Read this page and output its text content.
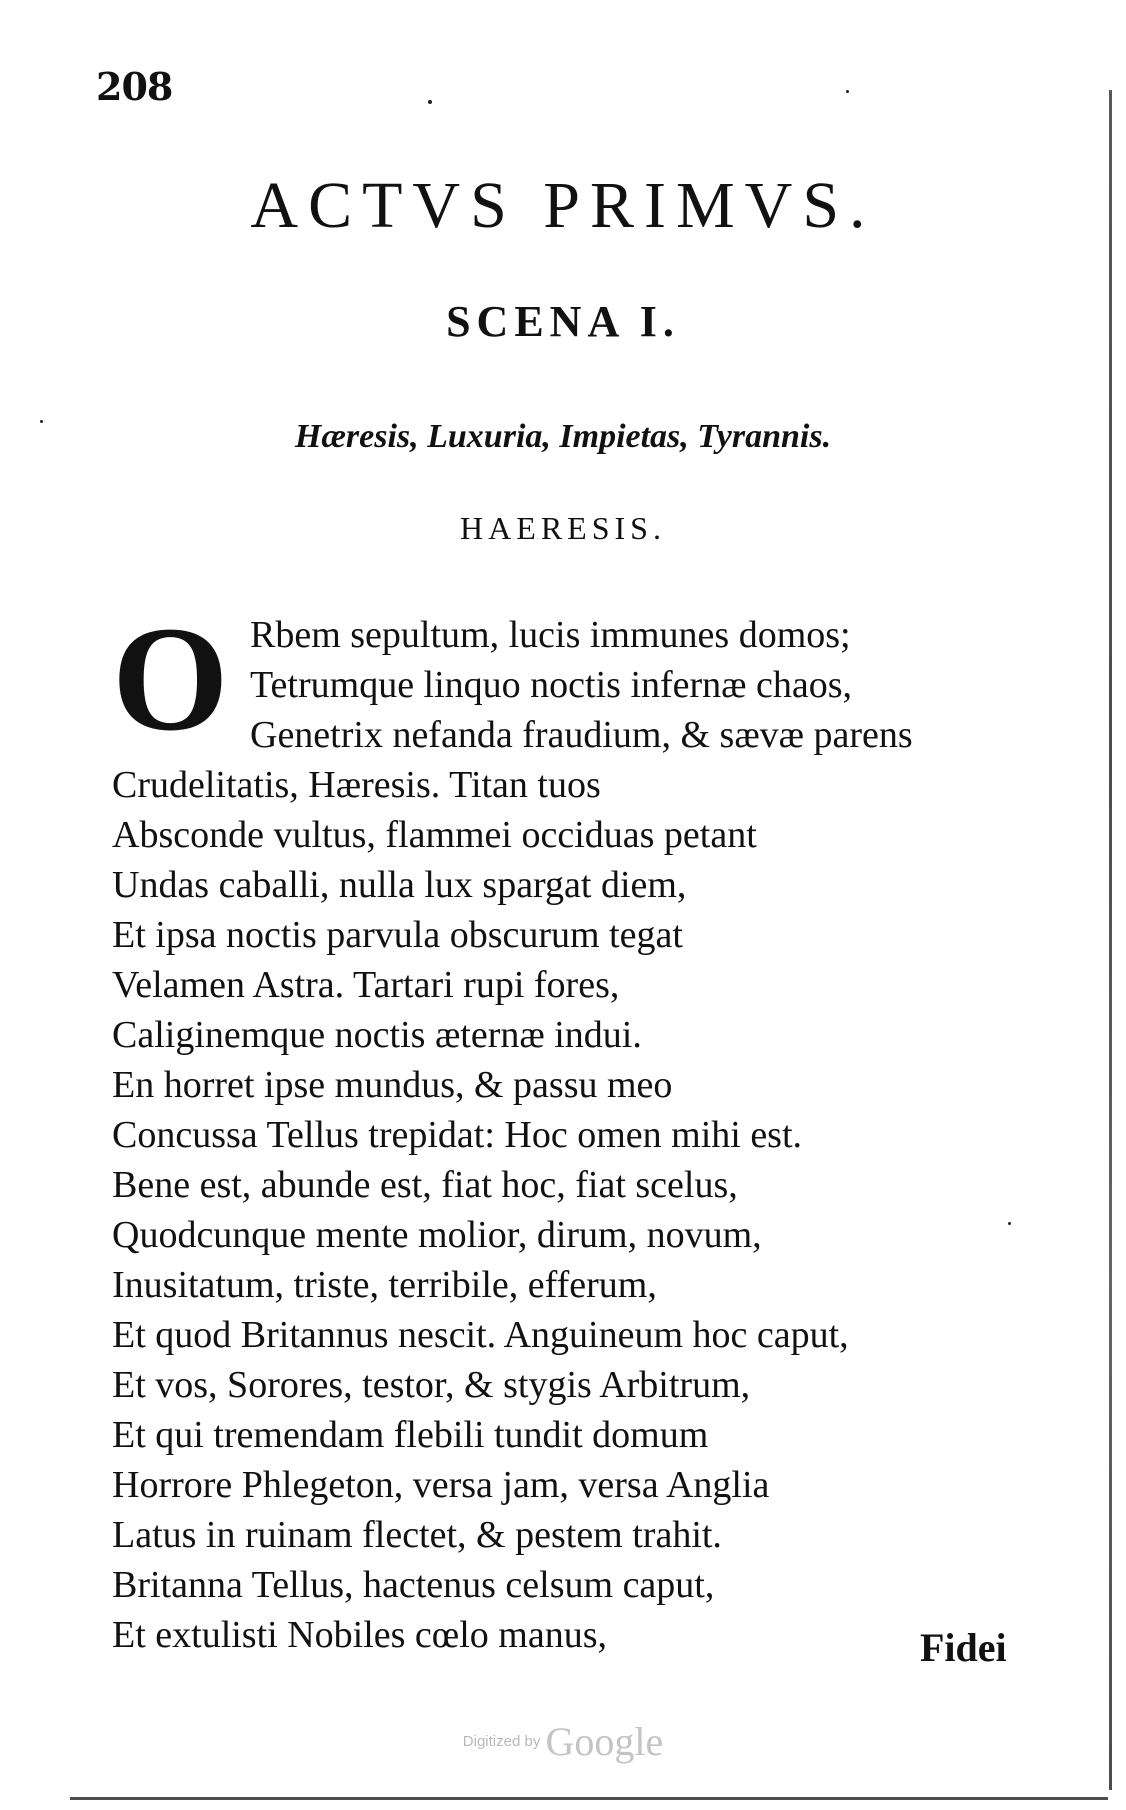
208
ACTVS PRIMVS.
SCENA I.
Hæresis, Luxuria, Impietas, Tyrannis.
HAERESIS.
O Rbem sepultum, lucis immunes domos;
Tetrumque linquo noctis infernæ chaos,
Genetrix nefanda fraudium, & sævæ parens
Crudelitatis, Hæresis. Titan tuos
Absconde vultus, flammei occiduas petant
Undas caballi, nulla lux spargat diem,
Et ipsa noctis parvula obscurum tegat
Velamen Astra. Tartari rupi fores,
Caliginemque noctis æternæ indui.
En horret ipse mundus, & passu meo
Concussa Tellus trepidat: Hoc omen mihi est.
Bene est, abunde est, fiat hoc, fiat scelus,
Quodcunque mente molior, dirum, novum,
Inusitatum, triste, terribile, efferum,
Et quod Britannus nescit. Anguineum hoc caput,
Et vos, Sorores, testor, & stygis Arbitrum,
Et qui tremendam flebili tundit domum
Horrore Phlegeton, versa jam, versa Anglia
Latus in ruinam flectet, & pestem trahit.
Britanna Tellus, hactenus celsum caput,
Et extulisti Nobiles cœlo manus,	Fidei
Digitized by Google
